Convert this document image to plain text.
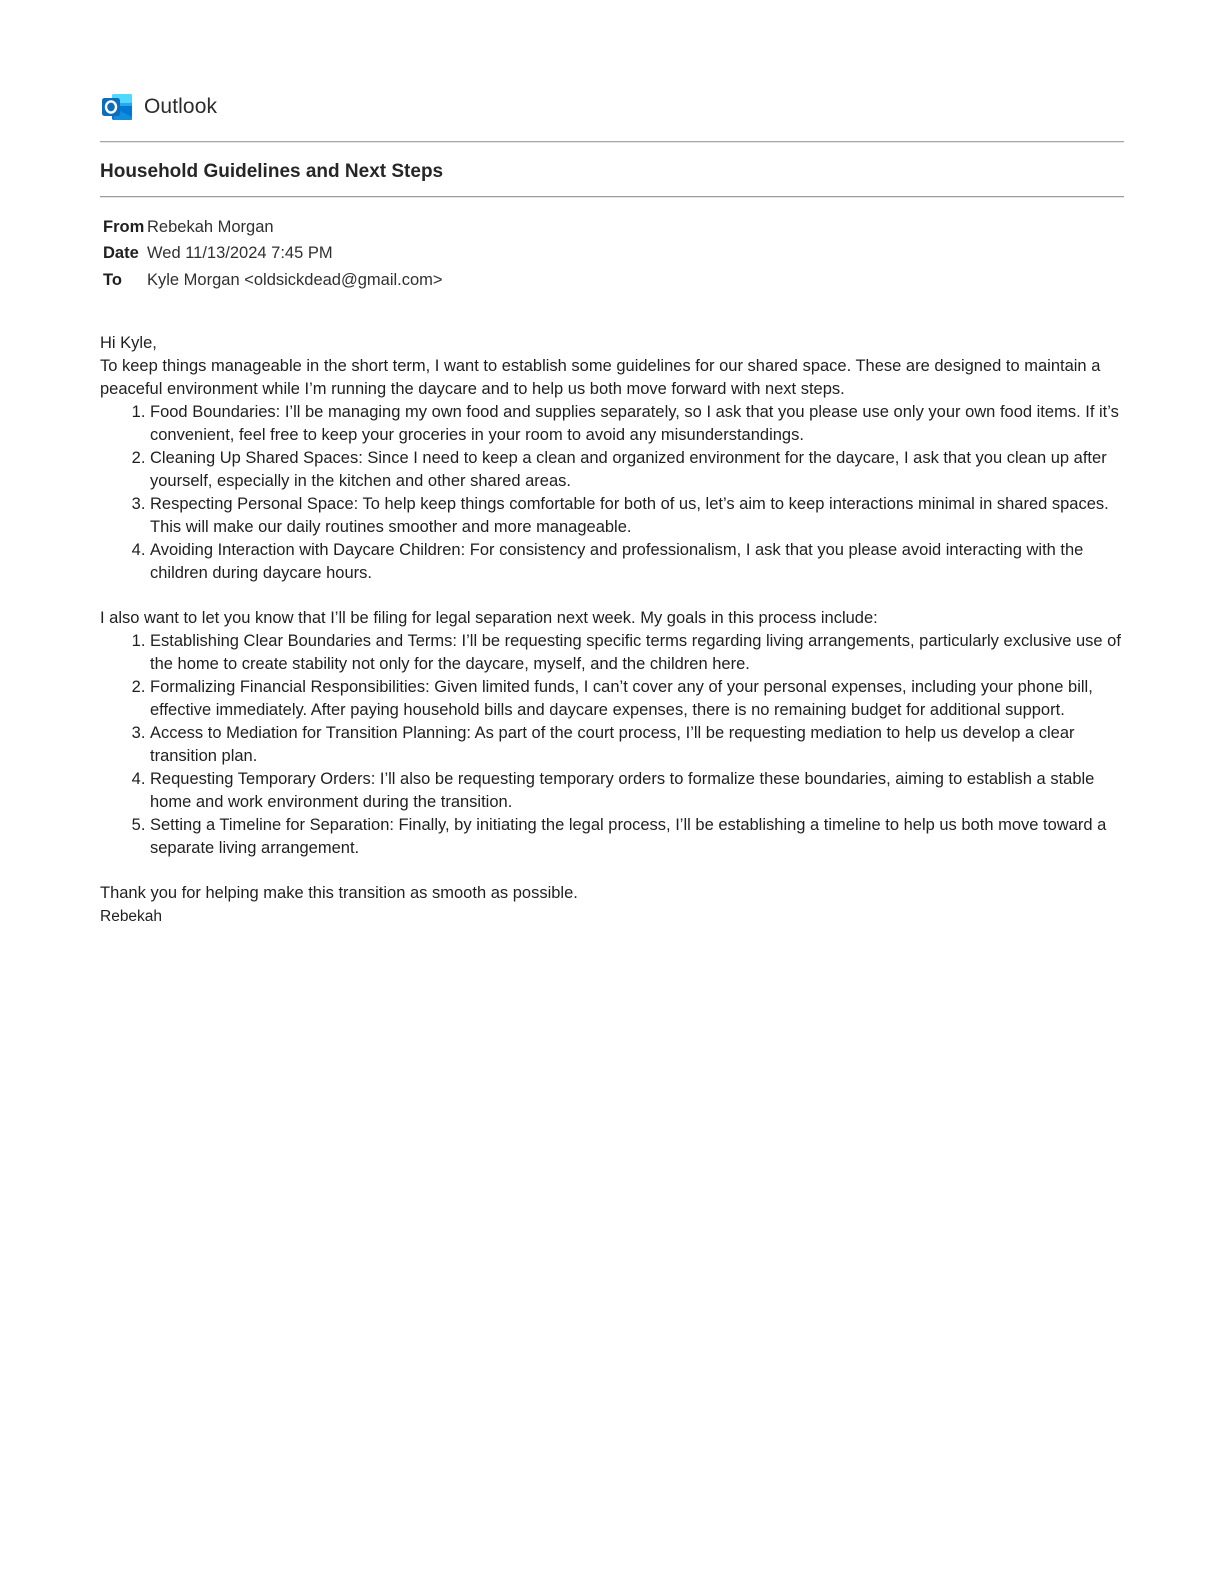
Outlook
Household Guidelines and Next Steps
From	Rebekah Morgan
Date	Wed 11/13/2024 7:45 PM
To	Kyle Morgan <oldsickdead@gmail.com>

Hi Kyle,

To keep things manageable in the short term, I want to establish some guidelines for our shared space. These are designed to maintain a peaceful environment while I’m running the daycare and to help us both move forward with next steps.

1. Food Boundaries: I’ll be managing my own food and supplies separately, so I ask that you please use only your own food items. If it’s convenient, feel free to keep your groceries in your room to avoid any misunderstandings.
2. Cleaning Up Shared Spaces: Since I need to keep a clean and organized environment for the daycare, I ask that you clean up after yourself, especially in the kitchen and other shared areas.
3. Respecting Personal Space: To help keep things comfortable for both of us, let’s aim to keep interactions minimal in shared spaces. This will make our daily routines smoother and more manageable.
4. Avoiding Interaction with Daycare Children: For consistency and professionalism, I ask that you please avoid interacting with the children during daycare hours.

I also want to let you know that I’ll be filing for legal separation next week. My goals in this process include:

1. Establishing Clear Boundaries and Terms: I’ll be requesting specific terms regarding living arrangements, particularly exclusive use of the home to create stability not only for the daycare, myself, and the children here.
2. Formalizing Financial Responsibilities: Given limited funds, I can’t cover any of your personal expenses, including your phone bill, effective immediately. After paying household bills and daycare expenses, there is no remaining budget for additional support.
3. Access to Mediation for Transition Planning: As part of the court process, I’ll be requesting mediation to help us develop a clear transition plan.
4. Requesting Temporary Orders: I’ll also be requesting temporary orders to formalize these boundaries, aiming to establish a stable home and work environment during the transition.
5. Setting a Timeline for Separation: Finally, by initiating the legal process, I’ll be establishing a timeline to help us both move toward a separate living arrangement.

Thank you for helping make this transition as smooth as possible.

Rebekah
